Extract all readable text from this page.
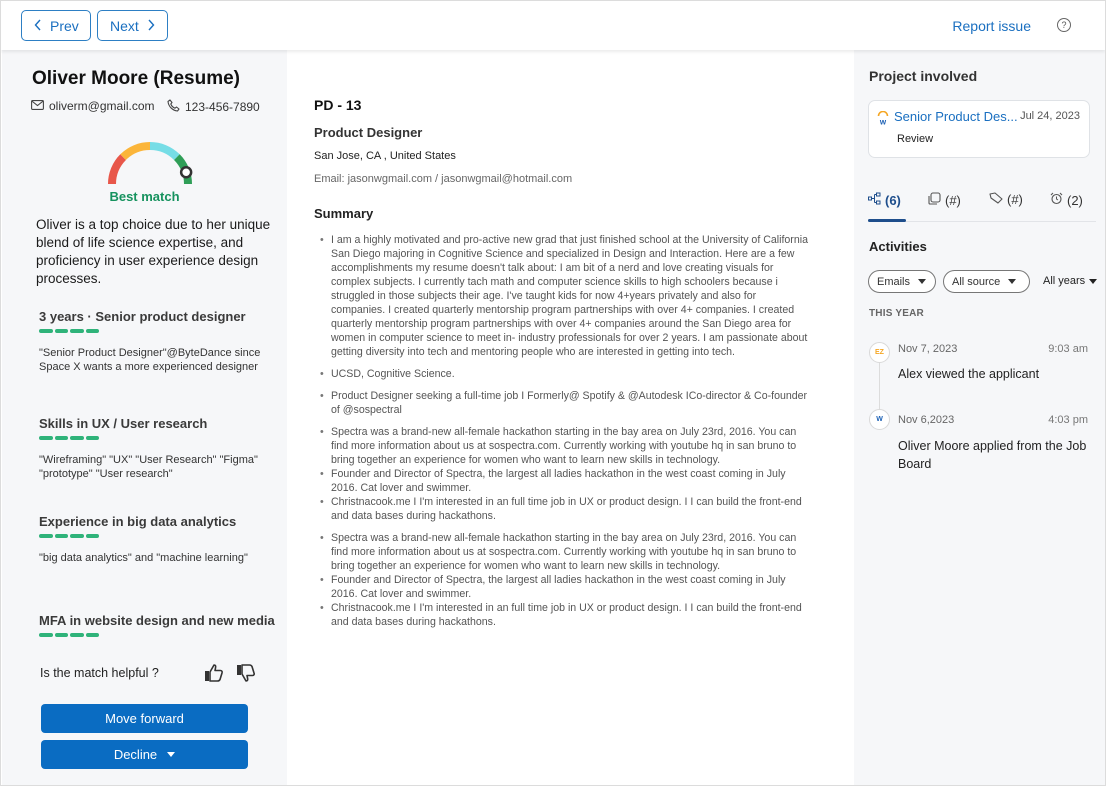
Prev Next	Report issue	?
Oliver Moore (Resume)
oliverm@gmail.com	123-456-7890
Best match
Oliver is a top choice due to her unique blend of life science expertise, and proficiency in user experience design processes.
3 years · Senior product designer
"Senior Product Designer"@ByteDance since Space X wants a more experienced designer
Skills in UX / User research
"Wireframing" "UX" "User Research" "Figma" "prototype" "User research"
Experience in big data analytics
"big data analytics" and "machine learning"
MFA in website design and new media
Is the match helpful ?
Move forward
Decline
PD - 13
Product Designer
San Jose, CA , United States
Email: jasonwgmail.com / jasonwgmail@hotmail.com
Summary
• I am a highly motivated and pro-active new grad that just finished school at the University of California San Diego majoring in Cognitive Science and specialized in Design and Interaction. Here are a few accomplishments my resume doesn't talk about: I am bit of a nerd and love creating visuals for complex subjects. I currently tach math and computer science skills to high schoolers because i struggled in those subjects their age. I've taught kids for now 4+years privately and also for companies. I created quarterly mentorship program partnerships with over 4+ companies. I created quarterly mentorship program partnerships with over 4+ companies around the San Diego area for women in computer science to meet in- industry professionals for over 2 years. I am passionate about getting diversity into tech and mentoring people who are interested in getting into tech.
• UCSD, Cognitive Science.
• Product Designer seeking a full-time job I Formerly@ Spotify & @Autodesk ICo-director & Co-founder of @sospectral
• Spectra was a brand-new all-female hackathon starting in the bay area on July 23rd, 2016. You can find more information about us at sospectra.com. Currently working with youtube hq in san bruno to bring together an experience for women who want to learn new skills in technology.
• Founder and Director of Spectra, the largest all ladies hackathon in the west coast coming in July 2016. Cat lover and swimmer.
• Christnacook.me I I'm interested in an full time job in UX or product design. I I can build the front-end and data bases during hackathons.
• Spectra was a brand-new all-female hackathon starting in the bay area on July 23rd, 2016. You can find more information about us at sospectra.com. Currently working with youtube hq in san bruno to bring together an experience for women who want to learn new skills in technology.
• Founder and Director of Spectra, the largest all ladies hackathon in the west coast coming in July 2016. Cat lover and swimmer.
• Christnacook.me I I'm interested in an full time job in UX or product design. I I can build the front-end and data bases during hackathons.
Project involved
w Senior Product Des... Jul 24, 2023
Review
(6)	(#)	(#)	(2)
Activities
Emails	All source	All years
THIS YEAR
EZ	Nov 7, 2023	9:03 am
Alex viewed the applicant
W	Nov 6,2023	4:03 pm
Oliver Moore applied from the Job Board
